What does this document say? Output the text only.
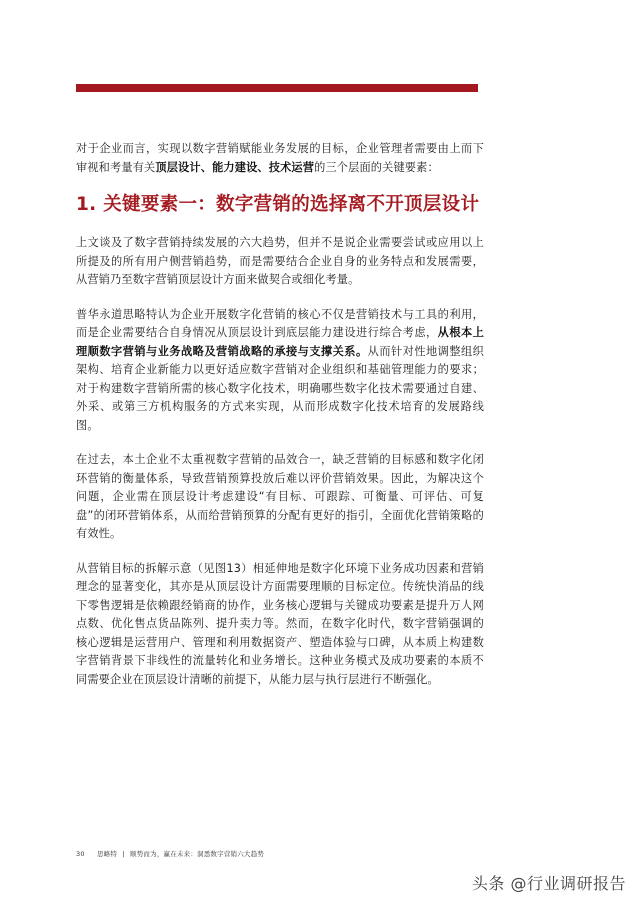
对于企业而言，实现以数字营销赋能业务发展的目标，企业管理者需要由上而下审视和考量有关顶层设计、能力建设、技术运营的三个层面的关键要素：

1. 关键要素一：数字营销的选择离不开顶层设计

上文谈及了数字营销持续发展的六大趋势，但并不是说企业需要尝试或应用以上所提及的所有用户侧营销趋势，而是需要结合企业自身的业务特点和发展需要，从营销乃至数字营销顶层设计方面来做契合或细化考量。

普华永道思略特认为企业开展数字化营销的核心不仅是营销技术与工具的利用，而是企业需要结合自身情况从顶层设计到底层能力建设进行综合考虑，从根本上理顺数字营销与业务战略及营销战略的承接与支撑关系。从而针对性地调整组织架构、培育企业新能力以更好适应数字营销对企业组织和基础管理能力的要求；对于构建数字营销所需的核心数字化技术，明确哪些数字化技术需要通过自建、外采、或第三方机构服务的方式来实现，从而形成数字化技术培育的发展路线图。

在过去，本土企业不太重视数字营销的品效合一，缺乏营销的目标感和数字化闭环营销的衡量体系，导致营销预算投放后难以评价营销效果。因此，为解决这个问题，企业需在顶层设计考虑建设“有目标、可跟踪、可衡量、可评估、可复盘”的闭环营销体系，从而给营销预算的分配有更好的指引，全面优化营销策略的有效性。

从营销目标的拆解示意（见图13）相延伸地是数字化环境下业务成功因素和营销理念的显著变化，其亦是从顶层设计方面需要理顺的目标定位。传统快消品的线下零售逻辑是依赖跟经销商的协作，业务核心逻辑与关键成功要素是提升万人网点数、优化售点货品陈列、提升卖力等。然而，在数字化时代，数字营销强调的核心逻辑是运营用户、管理和利用数据资产、塑造体验与口碑，从本质上构建数字营销背景下非线性的流量转化和业务增长。这种业务模式及成功要素的本质不同需要企业在顶层设计清晰的前提下，从能力层与执行层进行不断强化。

30 思略特 | 顺势而为，赢在未来：洞悉数字营销六大趋势
头条 @行业调研报告
